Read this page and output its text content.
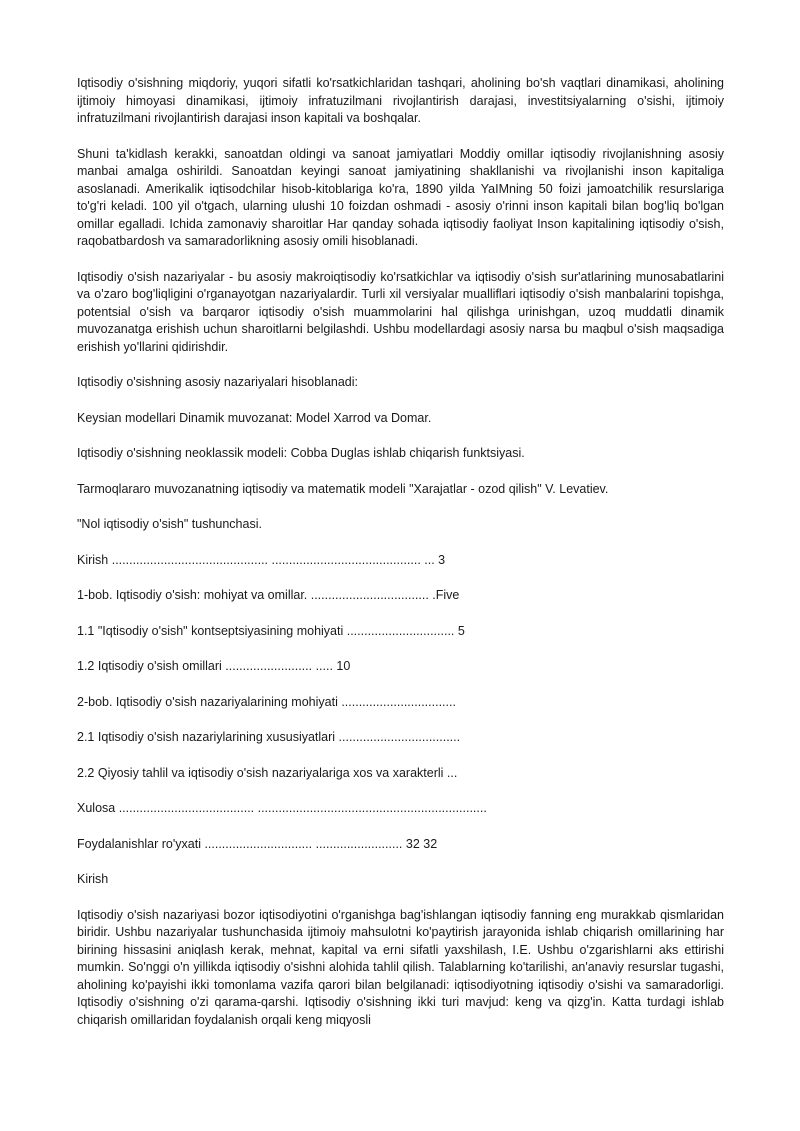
Iqtisodiy o'sishning miqdoriy, yuqori sifatli ko'rsatkichlaridan tashqari, aholining bo'sh vaqtlari dinamikasi, aholining ijtimoiy himoyasi dinamikasi, ijtimoiy infratuzilmani rivojlantirish darajasi, investitsiyalarning o'sishi, ijtimoiy infratuzilmani rivojlantirish darajasi inson kapitali va boshqalar.

Shuni ta'kidlash kerakki, sanoatdan oldingi va sanoat jamiyatlari Moddiy omillar iqtisodiy rivojlanishning asosiy manbai amalga oshirildi. Sanoatdan keyingi sanoat jamiyatining shakllanishi va rivojlanishi inson kapitaliga asoslanadi. Amerikalik iqtisodchilar hisob-kitoblariga ko'ra, 1890 yilda YaIMning 50 foizi jamoatchilik resurslariga to'g'ri keladi. 100 yil o'tgach, ularning ulushi 10 foizdan oshmadi - asosiy o'rinni inson kapitali bilan bog'liq bo'lgan omillar egalladi. Ichida zamonaviy sharoitlar Har qanday sohada iqtisodiy faoliyat Inson kapitalining iqtisodiy o'sish, raqobatbardosh va samaradorlikning asosiy omili hisoblanadi.

Iqtisodiy o'sish nazariyalar - bu asosiy makroiqtisodiy ko'rsatkichlar va iqtisodiy o'sish sur'atlarining munosabatlarini va o'zaro bog'liqligini o'rganayotgan nazariyalardir. Turli xil versiyalar mualliflari iqtisodiy o'sish manbalarini topishga, potentsial o'sish va barqaror iqtisodiy o'sish muammolarini hal qilishga urinishgan, uzoq muddatli dinamik muvozanatga erishish uchun sharoitlarni belgilashdi. Ushbu modellardagi asosiy narsa bu maqbul o'sish maqsadiga erishish yo'llarini qidirishdir.

Iqtisodiy o'sishning asosiy nazariyalari hisoblanadi:

Keysian modellari Dinamik muvozanat: Model Xarrod va Domar.

Iqtisodiy o'sishning neoklassik modeli: Cobba Duglas ishlab chiqarish funktsiyasi.

Tarmoqlararo muvozanatning iqtisodiy va matematik modeli "Xarajatlar - ozod qilish" V. Levatiev.

"Nol iqtisodiy o'sish" tushunchasi.

Kirish ............................................. ........................................... ... 3

1-bob. Iqtisodiy o'sish: mohiyat va omillar. .................................. .Five

1.1 "Iqtisodiy o'sish" kontseptsiyasining mohiyati ............................... 5

1.2 Iqtisodiy o'sish omillari ......................... ..... 10

2-bob. Iqtisodiy o'sish nazariyalarining mohiyati .................................

2.1 Iqtisodiy o'sish nazariylarining xususiyatlari ...................................

2.2 Qiyosiy tahlil va iqtisodiy o'sish nazariyalariga xos va xarakterli ...

Xulosa ....................................... ..................................................................

Foydalanishlar ro'yxati ............................... ......................... 32 32

Kirish

Iqtisodiy o'sish nazariyasi bozor iqtisodiyotini o'rganishga bag'ishlangan iqtisodiy fanning eng murakkab qismlaridan biridir. Ushbu nazariyalar tushunchasida ijtimoiy mahsulotni ko'paytirish jarayonida ishlab chiqarish omillarining har birining hissasini aniqlash kerak, mehnat, kapital va erni sifatli yaxshilash, I.E. Ushbu o'zgarishlarni aks ettirishi mumkin. So'nggi o'n yillikda iqtisodiy o'sishni alohida tahlil qilish. Talablarning ko'tarilishi, an'anaviy resurslar tugashi, aholining ko'payishi ikki tomonlama vazifa qarori bilan belgilanadi: iqtisodiyotning iqtisodiy o'sishi va samaradorligi. Iqtisodiy o'sishning o'zi qarama-qarshi. Iqtisodiy o'sishning ikki turi mavjud: keng va qizg'in. Katta turdagi ishlab chiqarish omillaridan foydalanish orqali keng miqyosli
